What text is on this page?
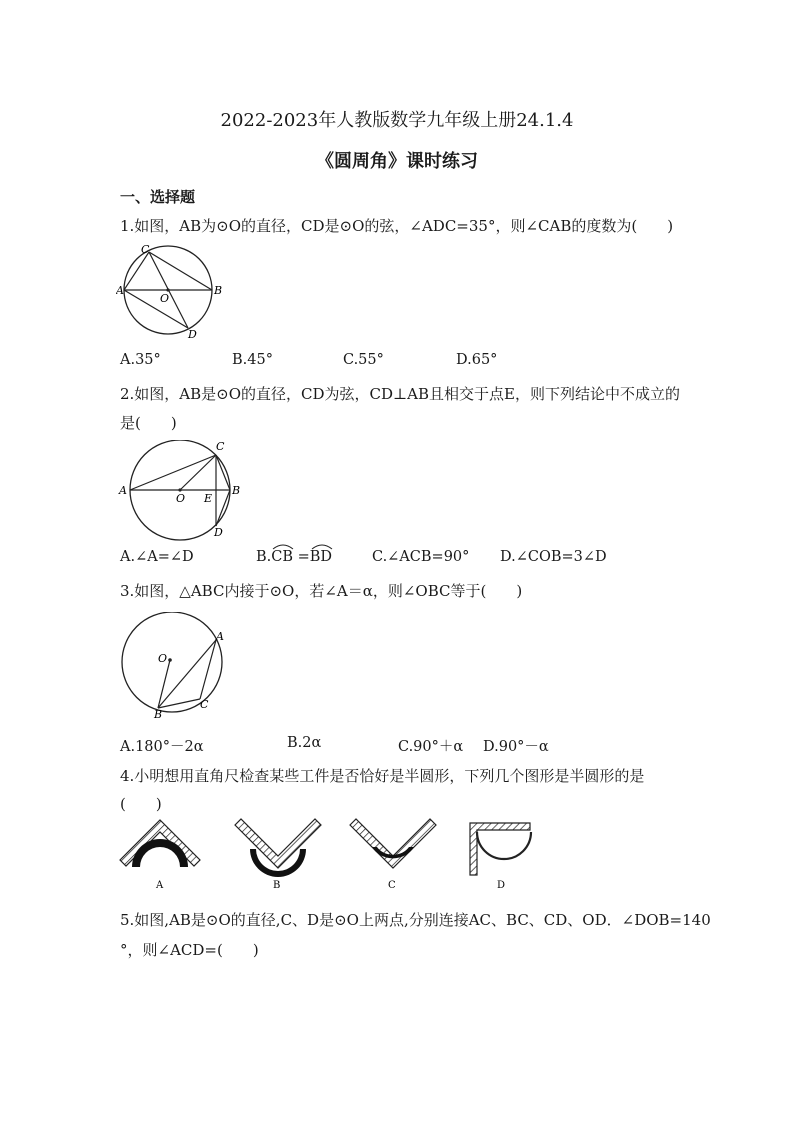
2022-2023年人教版数学九年级上册24.1.4
《圆周角》课时练习
一、选择题
1.如图，AB为⊙O的直径，CD是⊙O的弦，∠ADC=35°，则∠CAB的度数为(　　)
A	B
C
D
O
A.35°	B.45°	C.55°	D.65°
2.如图，AB是⊙O的直径，CD为弦，CD⊥AB且相交于点E，则下列结论中不成立的
是(　　)
A	B
C
D
E
O
A.∠A=∠D	B.
CB =
BD	C.∠ACB=90° D.∠COB=3∠D
3.如图，△ABC内接于⊙O，若∠A＝α，则∠OBC等于(　　)
A
B
C
O
A.180°－2α	B.2α	C.90°＋α D.90°－α
4.小明想用直角尺检查某些工件是否恰好是半圆形，下列几个图形是半圆形的是
(　　)
A	B	C	D
5.如图,AB是⊙O的直径,C、D是⊙O上两点,分别连接AC、BC、CD、OD．∠DOB=140
°，则∠ACD=(　　)
